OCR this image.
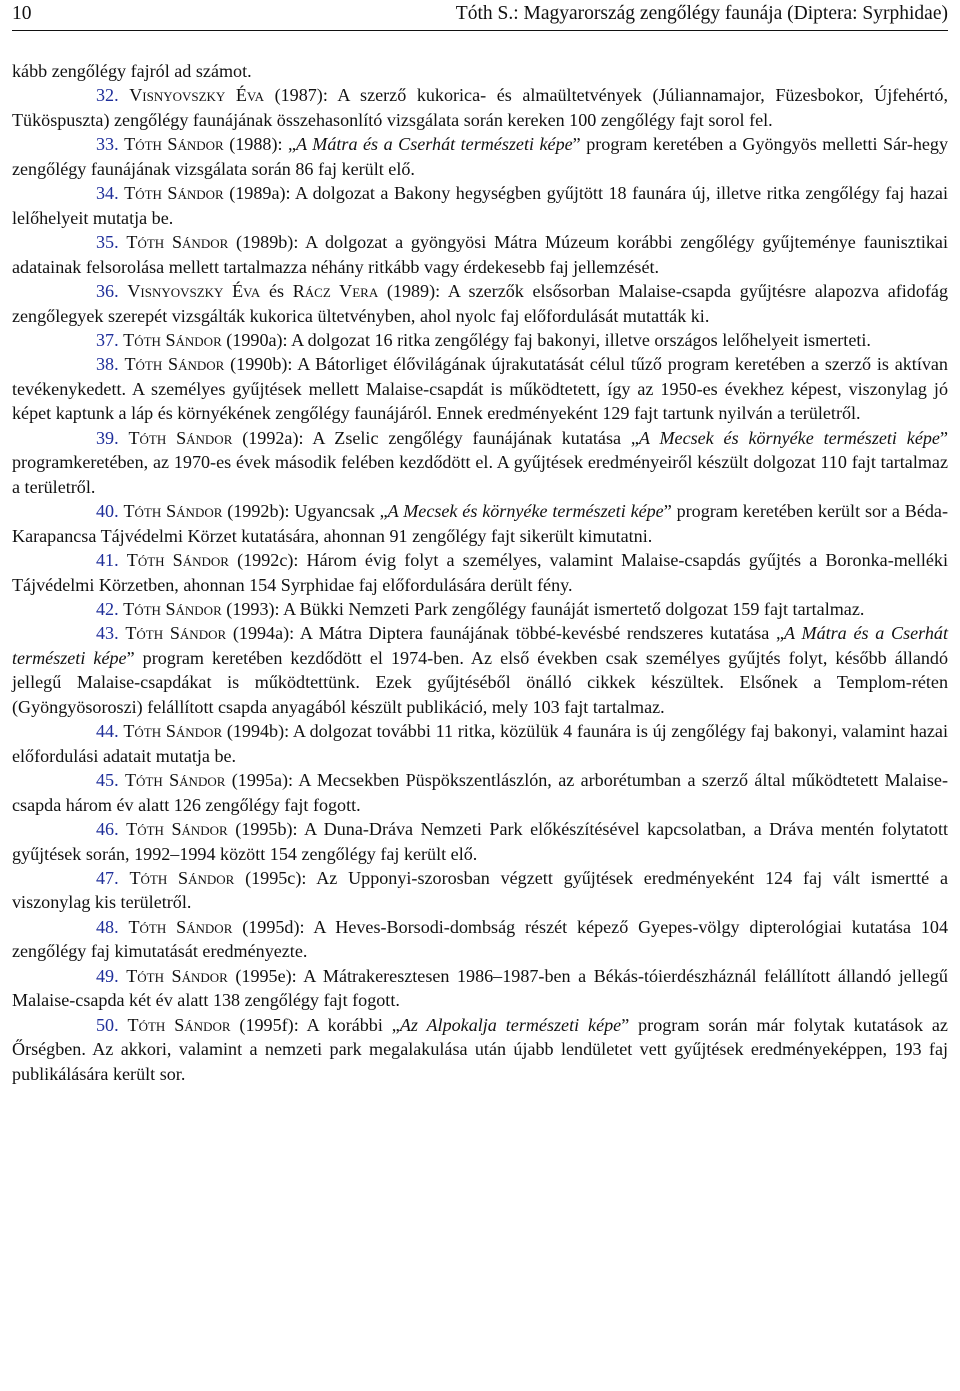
10	Tóth S.: Magyarország zengőlégy faunája (Diptera: Syrphidae)

kább zengőlégy fajról ad számot.

32. Visnyovszky Éva (1987): A szerző kukorica- és almaültetvények (Júliannamajor, Füzesbokor, Újfehértó, Tüköspuszta) zengőlégy faunájának összehasonlító vizsgálata során kereken 100 zengőlégy fajt sorol fel.

33. Tóth Sándor (1988): „A Mátra és a Cserhát természeti képe” program keretében a Gyöngyös melletti Sár-hegy zengőlégy faunájának vizsgálata során 86 faj került elő.

34. Tóth Sándor (1989a): A dolgozat a Bakony hegységben gyűjtött 18 faunára új, illetve ritka zengőlégy faj hazai lelőhelyeit mutatja be.

35. Tóth Sándor (1989b): A dolgozat a gyöngyösi Mátra Múzeum korábbi zengőlégy gyűjteménye faunisztikai adatainak felsorolása mellett tartalmazza néhány ritkább vagy érdekesebb faj jellemzését.

36. Visnyovszky Éva és Rácz Vera (1989): A szerzők elsősorban Malaise-csapda gyűjtésre alapozva afidofág zengőlegyek szerepét vizsgálták kukorica ültetvényben, ahol nyolc faj előfordulását mutatták ki.

37. Tóth Sándor (1990a): A dolgozat 16 ritka zengőlégy faj bakonyi, illetve országos lelőhelyeit ismerteti.

38. Tóth Sándor (1990b): A Bátorliget élővilágának újrakutatását célul tűző program keretében a szerző is aktívan tevékenykedett. A személyes gyűjtések mellett Malaise-csapdát is működtetett, így az 1950-es évekhez képest, viszonylag jó képet kaptunk a láp és környékének zengőlégy faunájáról. Ennek eredményeként 129 fajt tartunk nyilván a területről.

39. Tóth Sándor (1992a): A Zselic zengőlégy faunájának kutatása „A Mecsek és környéke természeti képe” programkeretében, az 1970-es évek második felében kezdődött el. A gyűjtések eredményeiről készült dolgozat 110 fajt tartalmaz a területről.

40. Tóth Sándor (1992b): Ugyancsak „A Mecsek és környéke természeti képe” program keretében került sor a Béda-Karapancsa Tájvédelmi Körzet kutatására, ahonnan 91 zengőlégy fajt sikerült kimutatni.

41. Tóth Sándor (1992c): Három évig folyt a személyes, valamint Malaise-csapdás gyűjtés a Boronka-melléki Tájvédelmi Körzetben, ahonnan 154 Syrphidae faj előfordulására derült fény.

42. Tóth Sándor (1993): A Bükki Nemzeti Park zengőlégy faunáját ismertető dolgozat 159 fajt tartalmaz.

43. Tóth Sándor (1994a): A Mátra Diptera faunájának többé-kevésbé rendszeres kutatása „A Mátra és a Cserhát természeti képe” program keretében kezdődött el 1974-ben. Az első években csak személyes gyűjtés folyt, később állandó jellegű Malaise-csapdákat is működtettünk. Ezek gyűjtéséből önálló cikkek készültek. Elsőnek a Templom-réten (Gyöngyösoroszi) felállított csapda anyagából készült publikáció, mely 103 fajt tartalmaz.

44. Tóth Sándor (1994b): A dolgozat további 11 ritka, közülük 4 faunára is új zengőlégy faj bakonyi, valamint hazai előfordulási adatait mutatja be.

45. Tóth Sándor (1995a): A Mecsekben Püspökszentlászlón, az arborétumban a szerző által működtetett Malaise-csapda három év alatt 126 zengőlégy fajt fogott.

46. Tóth Sándor (1995b): A Duna-Dráva Nemzeti Park előkészítésével kapcsolatban, a Dráva mentén folytatott gyűjtések során, 1992–1994 között 154 zengőlégy faj került elő.

47. Tóth Sándor (1995c): Az Upponyi-szorosban végzett gyűjtések eredményeként 124 faj vált ismertté a viszonylag kis területről.

48. Tóth Sándor (1995d): A Heves-Borsodi-dombság részét képező Gyepes-völgy dipterológiai kutatása 104 zengőlégy faj kimutatását eredményezte.

49. Tóth Sándor (1995e): A Mátrakeresztesen 1986–1987-ben a Békás-tóierdészháznál felállított állandó jellegű Malaise-csapda két év alatt 138 zengőlégy fajt fogott.

50. Tóth Sándor (1995f): A korábbi „Az Alpokalja természeti képe” program során már folytak kutatások az Őrségben. Az akkori, valamint a nemzeti park megalakulása után újabb lendületet vett gyűjtések eredményeképpen, 193 faj publikálására került sor.
